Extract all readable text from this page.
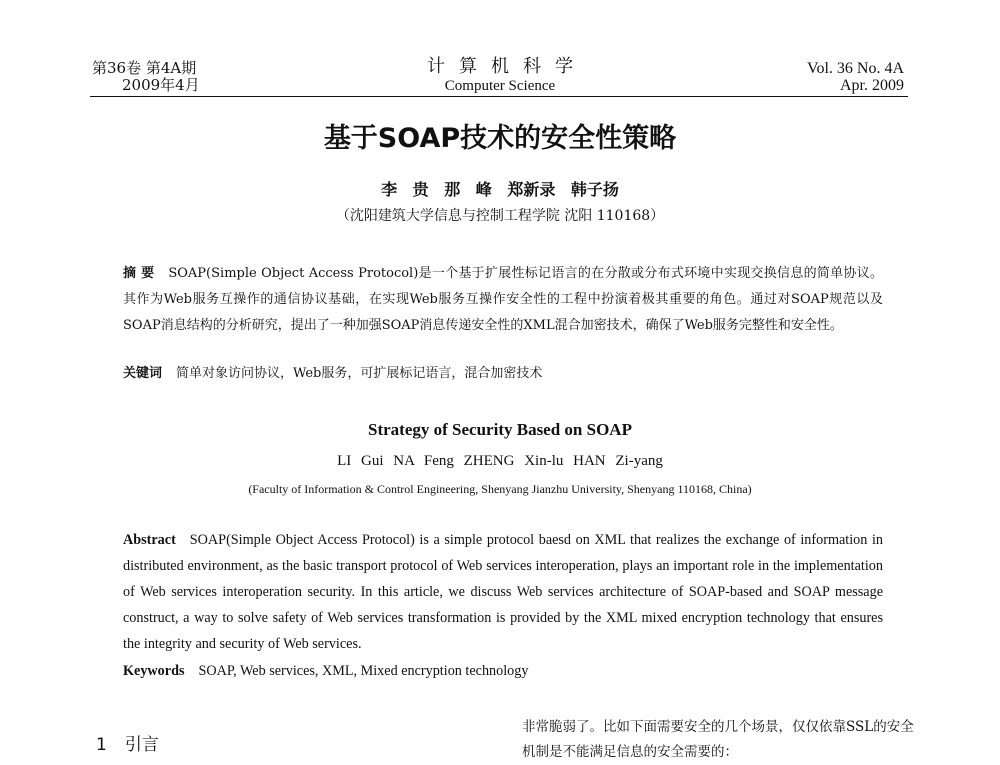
第36卷 第4A期
2009年4月
计算机科学
Computer Science
Vol. 36 No. 4A
Apr. 2009
基于SOAP技术的安全性策略
李 贵 那 峰 郑新录 韩子扬
（沈阳建筑大学信息与控制工程学院 沈阳 110168）
摘 要 SOAP(Simple Object Access Protocol)是一个基于扩展性标记语言的在分散或分布式环境中实现交换信息的简单协议。其作为Web服务互操作的通信协议基础，在实现Web服务互操作安全性的工程中扮演着极其重要的角色。通过对SOAP规范以及SOAP消息结构的分析研究，提出了一种加强SOAP消息传递安全性的XML混合加密技术，确保了Web服务完整性和安全性。
关键词 简单对象访问协议，Web服务，可扩展标记语言，混合加密技术
Strategy of Security Based on SOAP
LI Gui NA Feng ZHENG Xin-lu HAN Zi-yang
(Faculty of Information & Control Engineering, Shenyang Jianzhu University, Shenyang 110168, China)
Abstract SOAP(Simple Object Access Protocol) is a simple protocol baesd on XML that realizes the exchange of information in distributed environment, as the basic transport protocol of Web services interoperation, plays an important role in the implementation of Web services interoperation security. In this article, we discuss Web services architecture of SOAP-based and SOAP message construct, a way to solve safety of Web services transformation is provided by the XML mixed encryption technology that ensures the integrity and security of Web services.
Keywords SOAP, Web services, XML, Mixed encryption technology
1 引言
非常脆弱了。比如下面需要安全的几个场景，仅仅依靠SSL的安全机制是不能满足信息的安全需要的：
